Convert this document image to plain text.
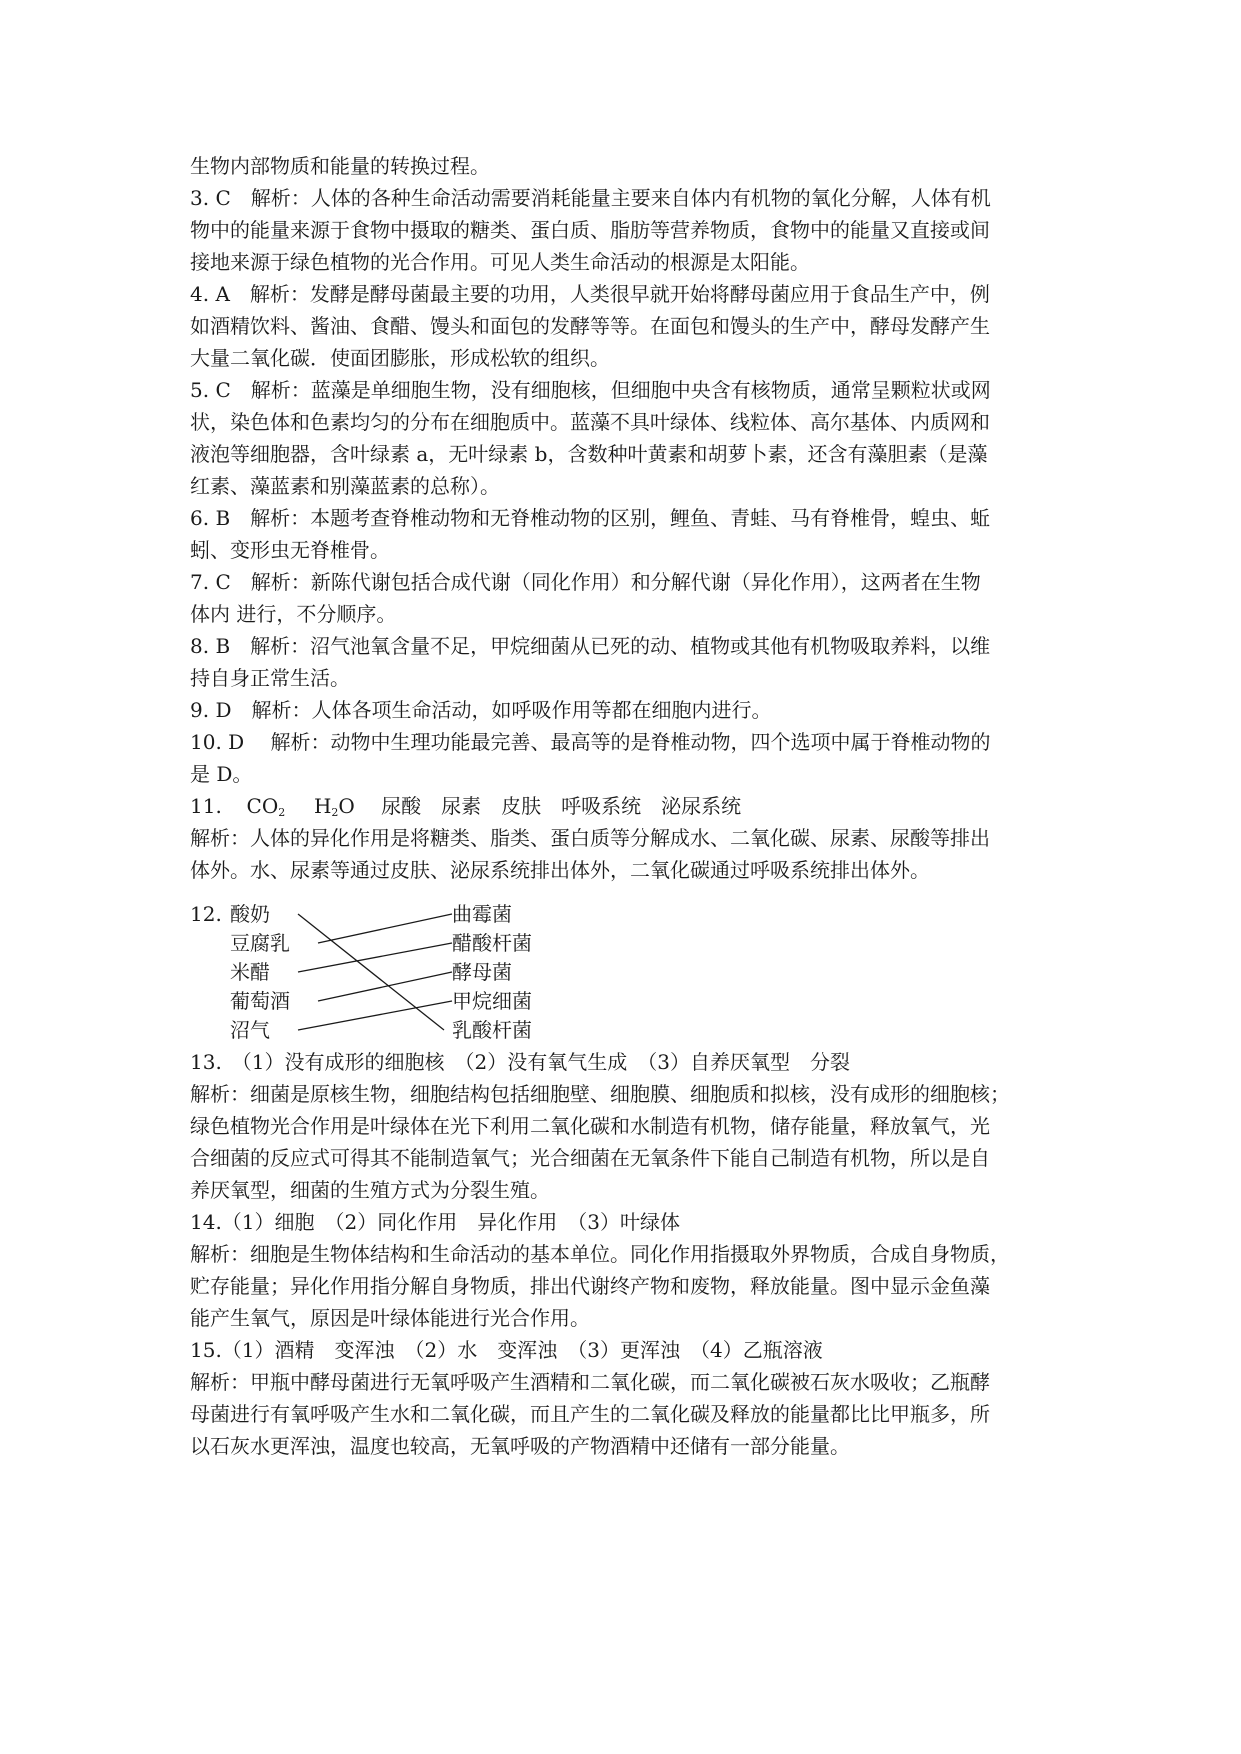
生物内部物质和能量的转换过程。
3. C　解析：人体的各种生命活动需要消耗能量主要来自体内有机物的氧化分解，人体有机
物中的能量来源于食物中摄取的糖类、蛋白质、脂肪等营养物质，食物中的能量又直接或间
接地来源于绿色植物的光合作用。可见人类生命活动的根源是太阳能。
4. A　解析：发酵是酵母菌最主要的功用，人类很早就开始将酵母菌应用于食品生产中，例
如酒精饮料、酱油、食醋、馒头和面包的发酵等等。在面包和馒头的生产中，酵母发酵产生
大量二氧化碳．使面团膨胀，形成松软的组织。
5. C　解析：蓝藻是单细胞生物，没有细胞核，但细胞中央含有核物质，通常呈颗粒状或网
状，染色体和色素均匀的分布在细胞质中。蓝藻不具叶绿体、线粒体、高尔基体、内质网和
液泡等细胞器，含叶绿素 a，无叶绿素 b，含数种叶黄素和胡萝卜素，还含有藻胆素（是藻
红素、藻蓝素和别藻蓝素的总称）。
6. B　解析：本题考查脊椎动物和无脊椎动物的区别，鲤鱼、青蛙、马有脊椎骨，蝗虫、蚯
蚓、变形虫无脊椎骨。
7. C　解析：新陈代谢包括合成代谢（同化作用）和分解代谢（异化作用），这两者在生物
体内 进行，不分顺序。
8. B　解析：沼气池氧含量不足，甲烷细菌从已死的动、植物或其他有机物吸取养料，以维
持自身正常生活。
9. D　解析：人体各项生命活动，如呼吸作用等都在细胞内进行。
10. D　 解析：动物中生理功能最完善、最高等的是脊椎动物，四个选项中属于脊椎动物的
是 D。
11. $CO_2$ $H_2O$ 　尿酸　尿素　皮肤　呼吸系统　泌尿系统
解析：人体的异化作用是将糖类、脂类、蛋白质等分解成水、二氧化碳、尿素、尿酸等排出
体外。水、尿素等通过皮肤、泌尿系统排出体外，二氧化碳通过呼吸系统排出体外。
12. 酸奶
豆腐乳
米醋
葡萄酒
沼气
曲霉菌
醋酸杆菌
酵母菌
甲烷细菌
乳酸杆菌
13.　（1）没有成形的细胞核　（2）没有氧气生成　（3）自养厌氧型　分裂
解析：细菌是原核生物，细胞结构包括细胞壁、细胞膜、细胞质和拟核，没有成形的细胞核；
绿色植物光合作用是叶绿体在光下利用二氧化碳和水制造有机物，储存能量，释放氧气，光
合细菌的反应式可得其不能制造氧气；光合细菌在无氧条件下能自己制造有机物，所以是自
养厌氧型，细菌的生殖方式为分裂生殖。
14.（1）细胞　（2）同化作用　异化作用　（3）叶绿体
解析：细胞是生物体结构和生命活动的基本单位。同化作用指摄取外界物质，合成自身物质，
贮存能量；异化作用指分解自身物质，排出代谢终产物和废物，释放能量。图中显示金鱼藻
能产生氧气，原因是叶绿体能进行光合作用。
15.（1）酒精　变浑浊　（2）水　变浑浊　（3）更浑浊　（4）乙瓶溶液
解析：甲瓶中酵母菌进行无氧呼吸产生酒精和二氧化碳，而二氧化碳被石灰水吸收；乙瓶酵
母菌进行有氧呼吸产生水和二氧化碳，而且产生的二氧化碳及释放的能量都比比甲瓶多，所
以石灰水更浑浊，温度也较高，无氧呼吸的产物酒精中还储有一部分能量。
